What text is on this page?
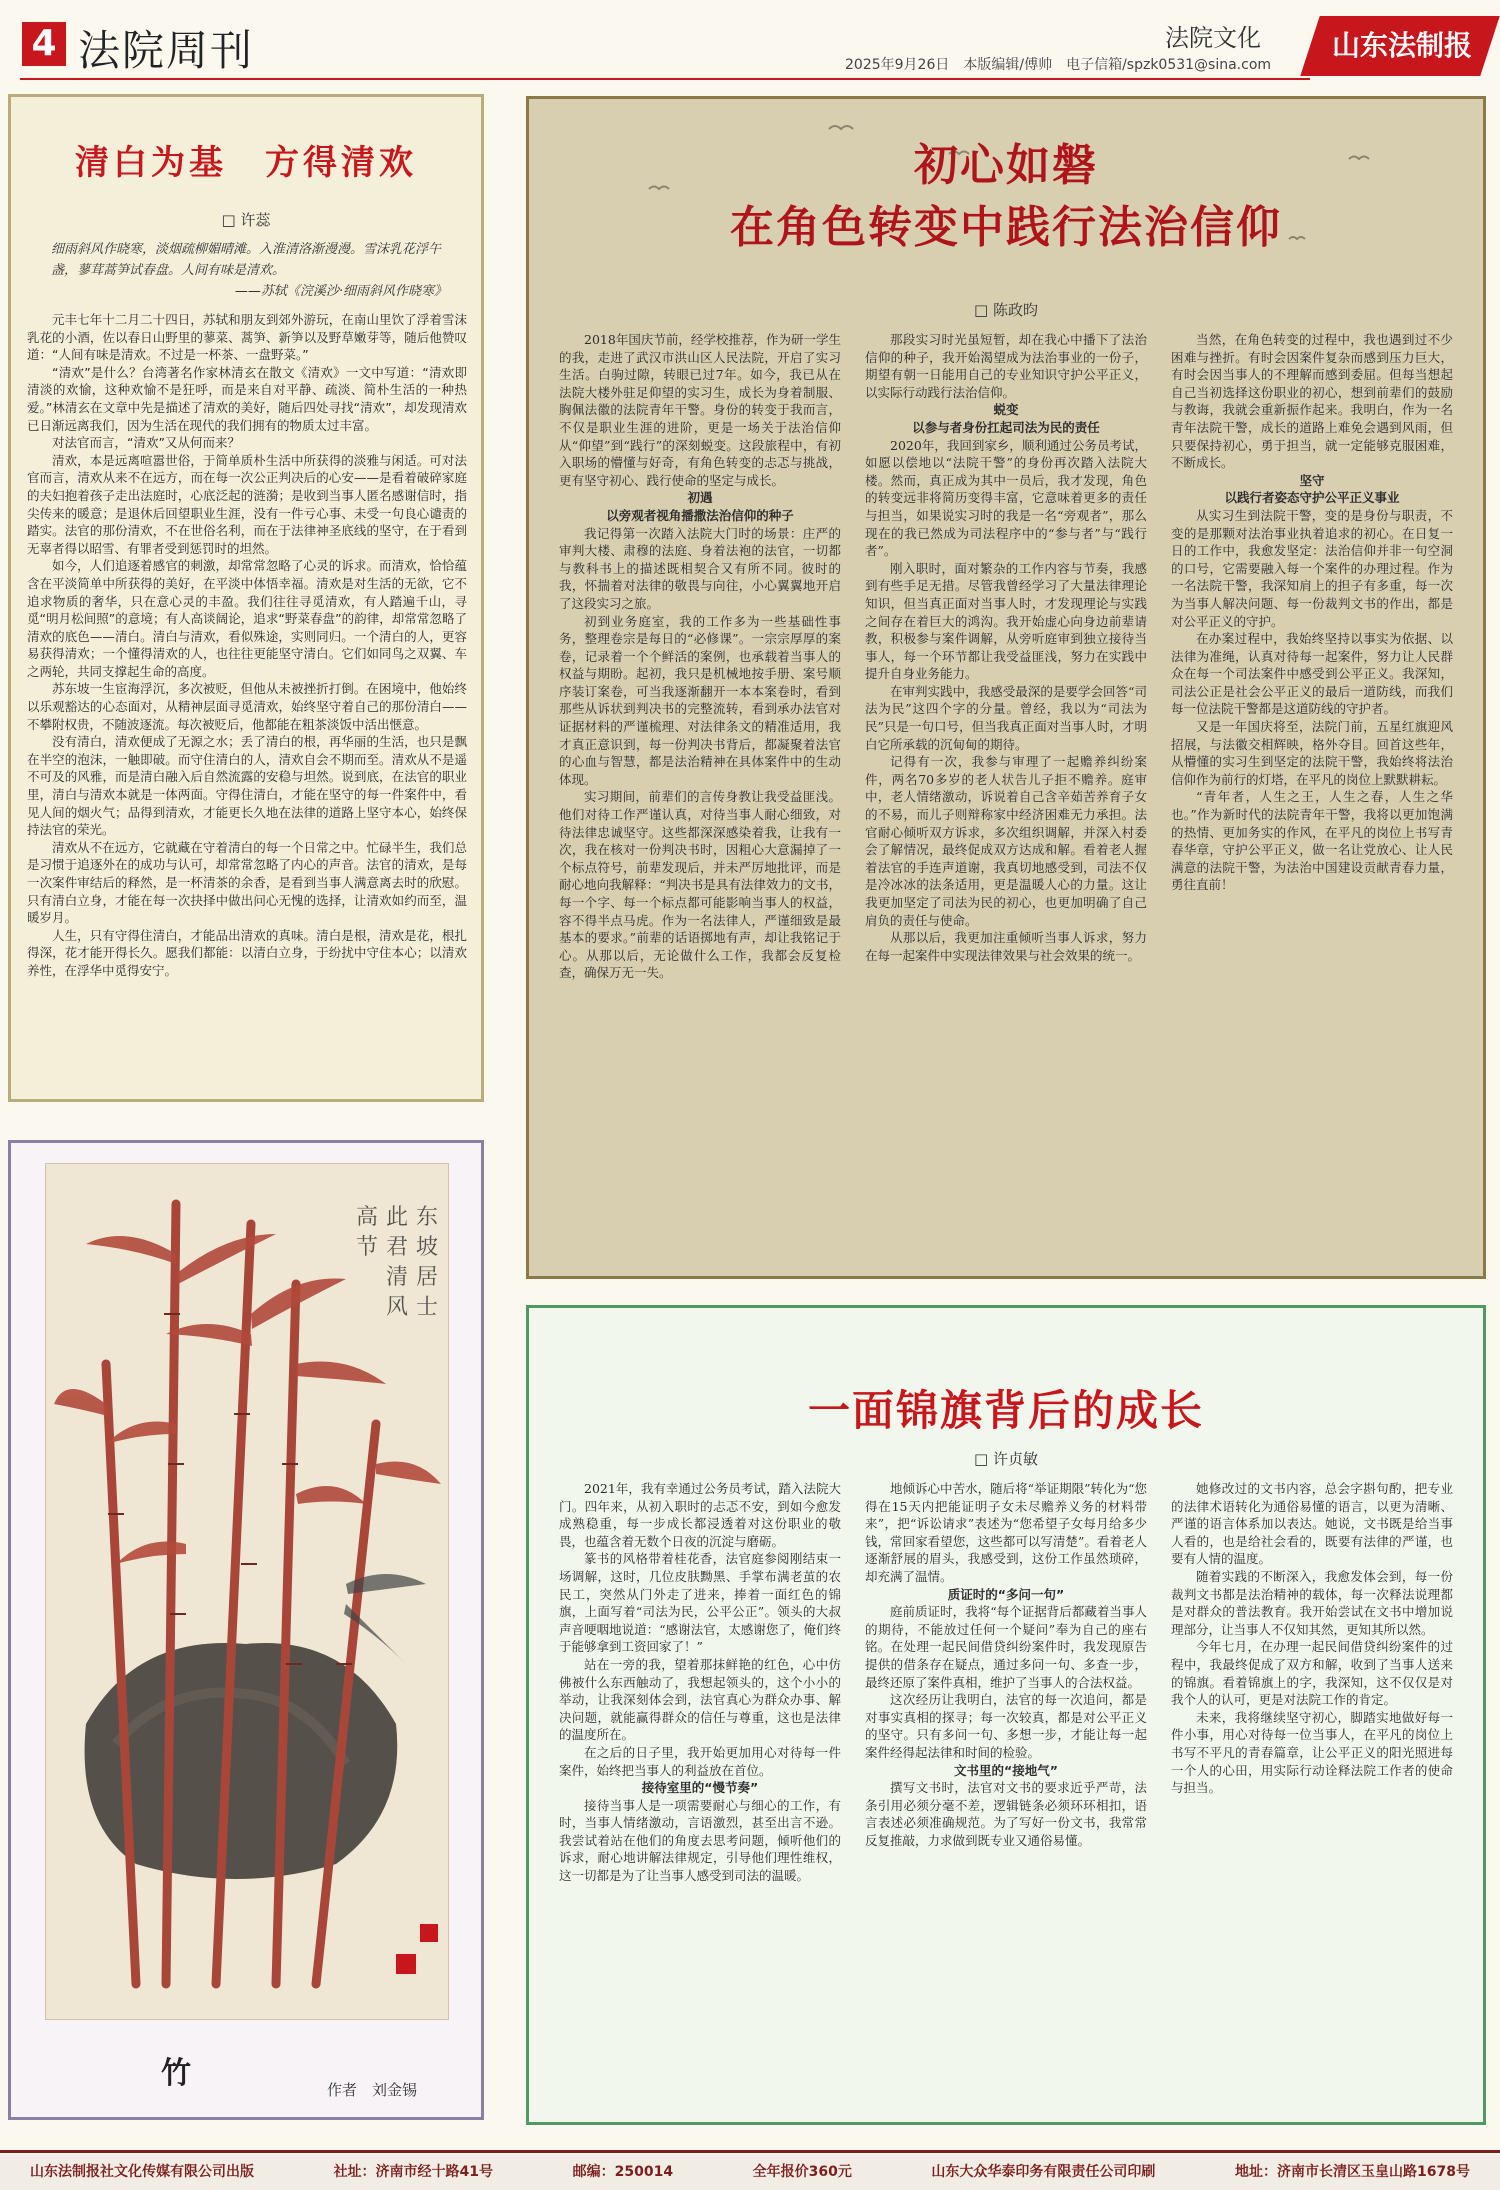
4 法院周刊	法院文化
2025年9月26日　本版编辑/傅帅　电子信箱/spzk0531@sina.com
山东法制报
清白为基　方得清欢
□ 许蕊
细雨斜风作晓寒，淡烟疏柳媚晴滩。入淮清洛渐漫漫。雪沫乳花浮午盏，蓼茸蒿笋试春盘。人间有味是清欢。
——苏轼《浣溪沙·细雨斜风作晓寒》

元丰七年十二月二十四日，苏轼和朋友到郊外游玩，在南山里饮了浮着雪沫乳花的小酒，佐以春日山野里的蓼菜、蒿笋、新笋以及野草嫩芽等，随后他赞叹道：“人间有味是清欢。不过是一杯茶、一盘野菜。”

“清欢”是什么？台湾著名作家林清玄在散文《清欢》一文中写道：“清欢即清淡的欢愉，这种欢愉不是狂呼，而是来自对平静、疏淡、简朴生活的一种热爱。”林清玄在文章中先是描述了清欢的美好，随后四处寻找“清欢”，却发现清欢已日渐远离我们，因为生活在现代的我们拥有的物质太过丰富。

对法官而言，“清欢”又从何而来？

清欢，本是远离喧嚣世俗，于简单质朴生活中所获得的淡雅与闲适。可对法官而言，清欢从来不在远方，而在每一次公正判决后的心安——是看着破碎家庭的夫妇抱着孩子走出法庭时，心底泛起的涟漪；是收到当事人匿名感谢信时，指尖传来的暖意；是退休后回望职业生涯，没有一件亏心事、未受一句良心谴责的踏实。法官的那份清欢，不在世俗名利，而在于法律神圣底线的坚守，在于看到无辜者得以昭雪、有罪者受到惩罚时的坦然。

如今，人们追逐着感官的刺激，却常常忽略了心灵的诉求。而清欢，恰恰蕴含在平淡简单中所获得的美好，在平淡中体悟幸福。清欢是对生活的无欲，它不追求物质的奢华，只在意心灵的丰盈。我们往往寻觅清欢，有人踏遍千山，寻觅“明月松间照”的意境；有人高谈阔论，追求“野菜春盘”的韵律，却常常忽略了清欢的底色——清白。清白与清欢，看似殊途，实则同归。一个清白的人，更容易获得清欢；一个懂得清欢的人，也往往更能坚守清白。它们如同鸟之双翼、车之两轮，共同支撑起生命的高度。

苏东坡一生宦海浮沉，多次被贬，但他从未被挫折打倒。在困境中，他始终以乐观豁达的心态面对，从精神层面寻觅清欢，始终坚守着自己的那份清白——不攀附权贵，不随波逐流。每次被贬后，他都能在粗茶淡饭中活出惬意。

没有清白，清欢便成了无源之水；丢了清白的根，再华丽的生活，也只是飘在半空的泡沫，一触即破。而守住清白的人，清欢自会不期而至。清欢从不是遥不可及的风雅，而是清白融入后自然流露的安稳与坦然。说到底，在法官的职业里，清白与清欢本就是一体两面。守得住清白，才能在坚守的每一件案件中，看见人间的烟火气；品得到清欢，才能更长久地在法律的道路上坚守本心，始终保持法官的荣光。

清欢从不在远方，它就藏在守着清白的每一个日常之中。忙碌半生，我们总是习惯于追逐外在的成功与认可，却常常忽略了内心的声音。法官的清欢，是每一次案件审结后的释然，是一杯清茶的余香，是看到当事人满意离去时的欣慰。只有清白立身，才能在每一次抉择中做出问心无愧的选择，让清欢如约而至，温暖岁月。

人生，只有守得住清白，才能品出清欢的真味。清白是根，清欢是花，根扎得深，花才能开得长久。愿我们都能：以清白立身，于纷扰中守住本心；以清欢养性，在浮华中觅得安宁。

东
坡
居
士
此
君
清
风
高
节
竹	作者　刘金锡
初心如磐
在角色转变中践行法治信仰
□ 陈政昀

2018年国庆节前，经学校推荐，作为研一学生的我，走进了武汉市洪山区人民法院，开启了实习生活。白驹过隙，转眼已过7年。如今，我已从在法院大楼外驻足仰望的实习生，成长为身着制服、胸佩法徽的法院青年干警。身份的转变于我而言，不仅是职业生涯的进阶，更是一场关于法治信仰从“仰望”到“践行”的深刻蜕变。这段旅程中，有初入职场的懵懂与好奇，有角色转变的忐忑与挑战，更有坚守初心、践行使命的坚定与成长。

初遇

以旁观者视角播撒法治信仰的种子

我记得第一次踏入法院大门时的场景：庄严的审判大楼、肃穆的法庭、身着法袍的法官，一切都与教科书上的描述既相契合又有所不同。彼时的我，怀揣着对法律的敬畏与向往，小心翼翼地开启了这段实习之旅。

初到业务庭室，我的工作多为一些基础性事务，整理卷宗是每日的“必修课”。一宗宗厚厚的案卷，记录着一个个鲜活的案例，也承载着当事人的权益与期盼。起初，我只是机械地按手册、案号顺序装订案卷，可当我逐渐翻开一本本案卷时，看到那些从诉状到判决书的完整流转，看到承办法官对证据材料的严谨梳理、对法律条文的精准适用，我才真正意识到，每一份判决书背后，都凝聚着法官的心血与智慧，都是法治精神在具体案件中的生动体现。

实习期间，前辈们的言传身教让我受益匪浅。他们对待工作严谨认真，对待当事人耐心细致，对待法律忠诚坚守。这些都深深感染着我，让我有一次，我在核对一份判决书时，因粗心大意漏掉了一个标点符号，前辈发现后，并未严厉地批评，而是耐心地向我解释：“判决书是具有法律效力的文书，每一个字、每一个标点都可能影响当事人的权益，容不得半点马虎。作为一名法律人，严谨细致是最基本的要求。”前辈的话语掷地有声，却让我铭记于心。从那以后，无论做什么工作，我都会反复检查，确保万无一失。

那段实习时光虽短暂，却在我心中播下了法治信仰的种子，我开始渴望成为法治事业的一份子，期望有朝一日能用自己的专业知识守护公平正义，以实际行动践行法治信仰。

蜕变

以参与者身份扛起司法为民的责任

2020年，我回到家乡，顺利通过公务员考试，如愿以偿地以“法院干警”的身份再次踏入法院大楼。然而，真正成为其中一员后，我才发现，角色的转变远非将简历变得丰富，它意味着更多的责任与担当，如果说实习时的我是一名“旁观者”，那么现在的我已然成为司法程序中的“参与者”与“践行者”。

刚入职时，面对繁杂的工作内容与节奏，我感到有些手足无措。尽管我曾经学习了大量法律理论知识，但当真正面对当事人时，才发现理论与实践之间存在着巨大的鸿沟。我开始虚心向身边前辈请教，积极参与案件调解，从旁听庭审到独立接待当事人，每一个环节都让我受益匪浅，努力在实践中提升自身业务能力。

在审判实践中，我感受最深的是要学会回答“司法为民”这四个字的分量。曾经，我以为“司法为民”只是一句口号，但当我真正面对当事人时，才明白它所承载的沉甸甸的期待。

记得有一次，我参与审理了一起赡养纠纷案件，两名70多岁的老人状告儿子拒不赡养。庭审中，老人情绪激动，诉说着自己含辛茹苦养育子女的不易，而儿子则辩称家中经济困难无力承担。法官耐心倾听双方诉求，多次组织调解，并深入村委会了解情况，最终促成双方达成和解。看着老人握着法官的手连声道谢，我真切地感受到，司法不仅是冷冰冰的法条适用，更是温暖人心的力量。这让我更加坚定了司法为民的初心，也更加明确了自己肩负的责任与使命。

从那以后，我更加注重倾听当事人诉求，努力在每一起案件中实现法律效果与社会效果的统一。

当然，在角色转变的过程中，我也遇到过不少困难与挫折。有时会因案件复杂而感到压力巨大，有时会因当事人的不理解而感到委屈。但每当想起自己当初选择这份职业的初心，想到前辈们的鼓励与教诲，我就会重新振作起来。我明白，作为一名青年法院干警，成长的道路上难免会遇到风雨，但只要保持初心，勇于担当，就一定能够克服困难，不断成长。

坚守

以践行者姿态守护公平正义事业

从实习生到法院干警，变的是身份与职责，不变的是那颗对法治事业执着追求的初心。在日复一日的工作中，我愈发坚定：法治信仰并非一句空洞的口号，它需要融入每一个案件的办理过程。作为一名法院干警，我深知肩上的担子有多重，每一次为当事人解决问题、每一份裁判文书的作出，都是对公平正义的守护。

在办案过程中，我始终坚持以事实为依据、以法律为准绳，认真对待每一起案件，努力让人民群众在每一个司法案件中感受到公平正义。我深知，司法公正是社会公平正义的最后一道防线，而我们每一位法院干警都是这道防线的守护者。

又是一年国庆将至，法院门前，五星红旗迎风招展，与法徽交相辉映，格外夺目。回首这些年，从懵懂的实习生到坚定的法院干警，我始终将法治信仰作为前行的灯塔，在平凡的岗位上默默耕耘。

“青年者，人生之王，人生之春，人生之华也。”作为新时代的法院青年干警，我将以更加饱满的热情、更加务实的作风，在平凡的岗位上书写青春华章，守护公平正义，做一名让党放心、让人民满意的法院干警，为法治中国建设贡献青春力量，勇往直前！

一面锦旗背后的成长
□ 许贞敏

2021年，我有幸通过公务员考试，踏入法院大门。四年来，从初入职时的忐忑不安，到如今愈发成熟稳重，每一步成长都浸透着对这份职业的敬畏，也蕴含着无数个日夜的沉淀与磨砺。

篆书的风格带着桂花香，法官庭参阅刚结束一场调解，这时，几位皮肤黝黑、手掌布满老茧的农民工，突然从门外走了进来，捧着一面红色的锦旗，上面写着“司法为民，公平公正”。领头的大叔声音哽咽地说道：“感谢法官，太感谢您了，俺们终于能够拿到工资回家了！”

站在一旁的我，望着那抹鲜艳的红色，心中仿佛被什么东西触动了，我想起领头的，这个小小的举动，让我深刻体会到，法官真心为群众办事、解决问题，就能赢得群众的信任与尊重，这也是法律的温度所在。

在之后的日子里，我开始更加用心对待每一件案件，始终把当事人的利益放在首位。

接待室里的“慢节奏”

接待当事人是一项需要耐心与细心的工作，有时，当事人情绪激动，言语激烈，甚至出言不逊。我尝试着站在他们的角度去思考问题，倾听他们的诉求，耐心地讲解法律规定，引导他们理性维权，这一切都是为了让当事人感受到司法的温暖。

地倾诉心中苦水，随后将“举证期限”转化为“您得在15天内把能证明子女未尽赡养义务的材料带来”，把“诉讼请求”表述为“您希望子女每月给多少钱，常回家看望您，这些都可以写清楚”。看着老人逐渐舒展的眉头，我感受到，这份工作虽然琐碎，却充满了温情。

质证时的“多问一句”

庭前质证时，我将“每个证据背后都藏着当事人的期待，不能放过任何一个疑问”奉为自己的座右铭。在处理一起民间借贷纠纷案件时，我发现原告提供的借条存在疑点，通过多问一句、多查一步，最终还原了案件真相，维护了当事人的合法权益。

这次经历让我明白，法官的每一次追问，都是对事实真相的探寻；每一次较真，都是对公平正义的坚守。只有多问一句、多想一步，才能让每一起案件经得起法律和时间的检验。

文书里的“接地气”

撰写文书时，法官对文书的要求近乎严苛，法条引用必须分毫不差，逻辑链条必须环环相扣，语言表述必须准确规范。为了写好一份文书，我常常反复推敲，力求做到既专业又通俗易懂。

她修改过的文书内容，总会字斟句酌，把专业的法律术语转化为通俗易懂的语言，以更为清晰、严谨的语言体系加以表达。她说，文书既是给当事人看的，也是给社会看的，既要有法律的严谨，也要有人情的温度。

随着实践的不断深入，我愈发体会到，每一份裁判文书都是法治精神的载体，每一次释法说理都是对群众的普法教育。我开始尝试在文书中增加说理部分，让当事人不仅知其然，更知其所以然。

今年七月，在办理一起民间借贷纠纷案件的过程中，我最终促成了双方和解，收到了当事人送来的锦旗。看着锦旗上的字，我深知，这不仅仅是对我个人的认可，更是对法院工作的肯定。

未来，我将继续坚守初心，脚踏实地做好每一件小事，用心对待每一位当事人，在平凡的岗位上书写不平凡的青春篇章，让公平正义的阳光照进每一个人的心田，用实际行动诠释法院工作者的使命与担当。

山东法制报社文化传媒有限公司出版	社址：济南市经十路41号	邮编：250014	全年报价360元	山东大众华泰印务有限责任公司印刷	地址：济南市长清区玉皇山路1678号
